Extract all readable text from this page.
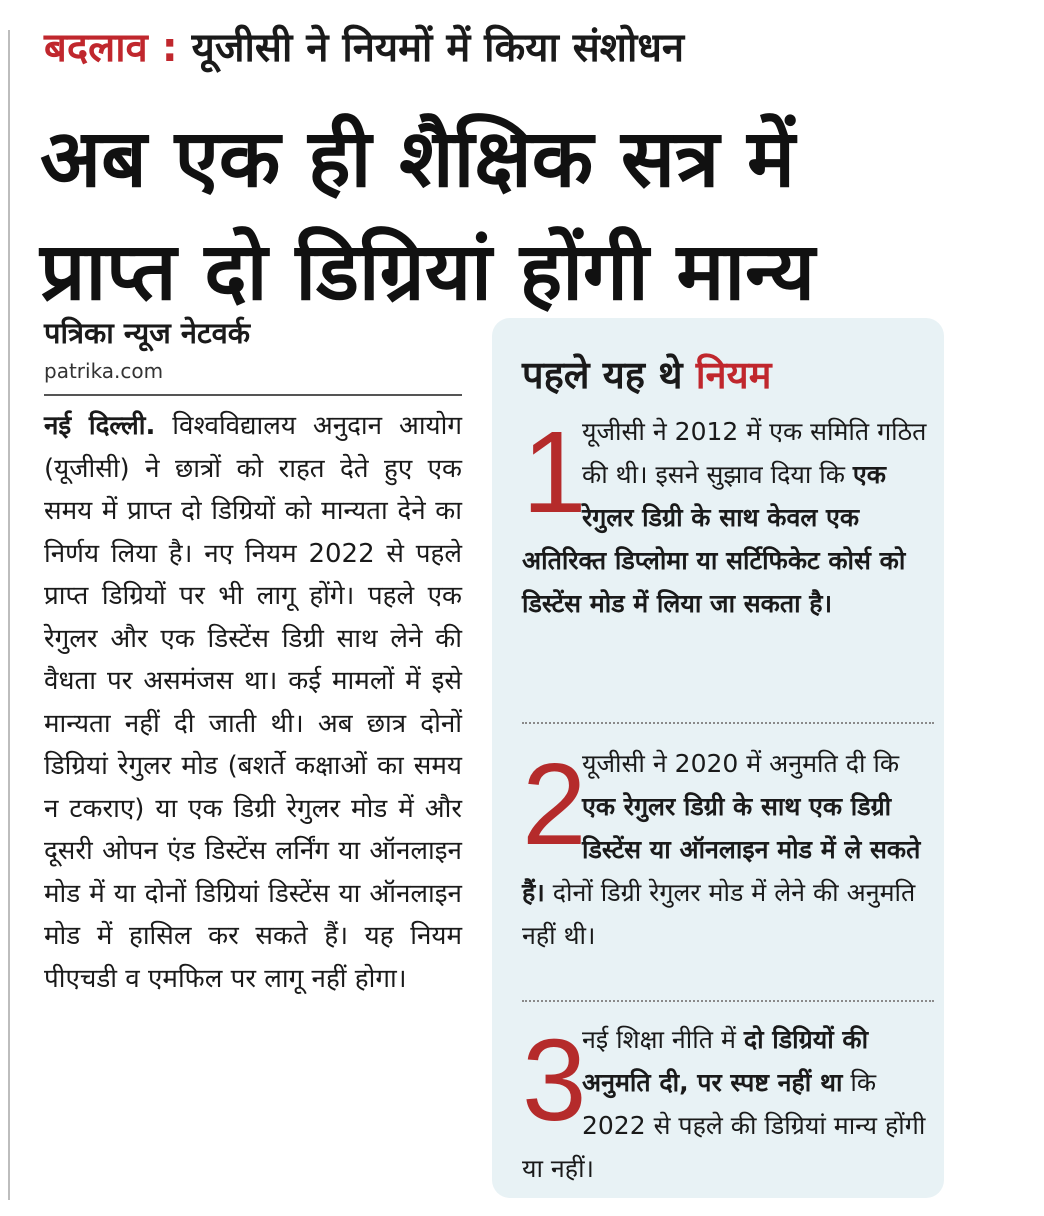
बदलाव : यूजीसी ने नियमों में किया संशोधन
अब एक ही शैक्षिक सत्र में
प्राप्त दो डिग्रियां होंगी मान्य
पत्रिका न्यूज नेटवर्क
patrika.com
नई दिल्ली. विश्वविद्यालय अनुदान आयोग (यूजीसी) ने छात्रों को राहत देते हुए एक समय में प्राप्त दो डिग्रियों को मान्यता देने का निर्णय लिया है। नए नियम 2022 से पहले प्राप्त डिग्रियों पर भी लागू होंगे। पहले एक रेगुलर और एक डिस्टेंस डिग्री साथ लेने की वैधता पर असमंजस था। कई मामलों में इसे मान्यता नहीं दी जाती थी। अब छात्र दोनों डिग्रियां रेगुलर मोड (बशर्ते कक्षाओं का समय न टकराए) या एक डिग्री रेगुलर मोड में और दूसरी ओपन एंड डिस्टेंस लर्निंग या ऑनलाइन मोड में या दोनों डिग्रियां डिस्टेंस या ऑनलाइन मोड में हासिल कर सकते हैं। यह नियम पीएचडी व एमफिल पर लागू नहीं होगा।
पहले यह थे नियम
1
यूजीसी ने 2012 में एक समिति गठित की थी। इसने सुझाव दिया कि एक रेगुलर डिग्री के साथ केवल एक अतिरिक्त डिप्लोमा या सर्टिफिकेट कोर्स को डिस्टेंस मोड में लिया जा सकता है।
2
यूजीसी ने 2020 में अनुमति दी कि एक रेगुलर डिग्री के साथ एक डिग्री डिस्टेंस या ऑनलाइन मोड में ले सकते हैं। दोनों डिग्री रेगुलर मोड में लेने की अनुमति नहीं थी।
3
नई शिक्षा नीति में दो डिग्रियों की अनुमति दी, पर स्पष्ट नहीं था कि 2022 से पहले की डिग्रियां मान्य होंगी या नहीं।
